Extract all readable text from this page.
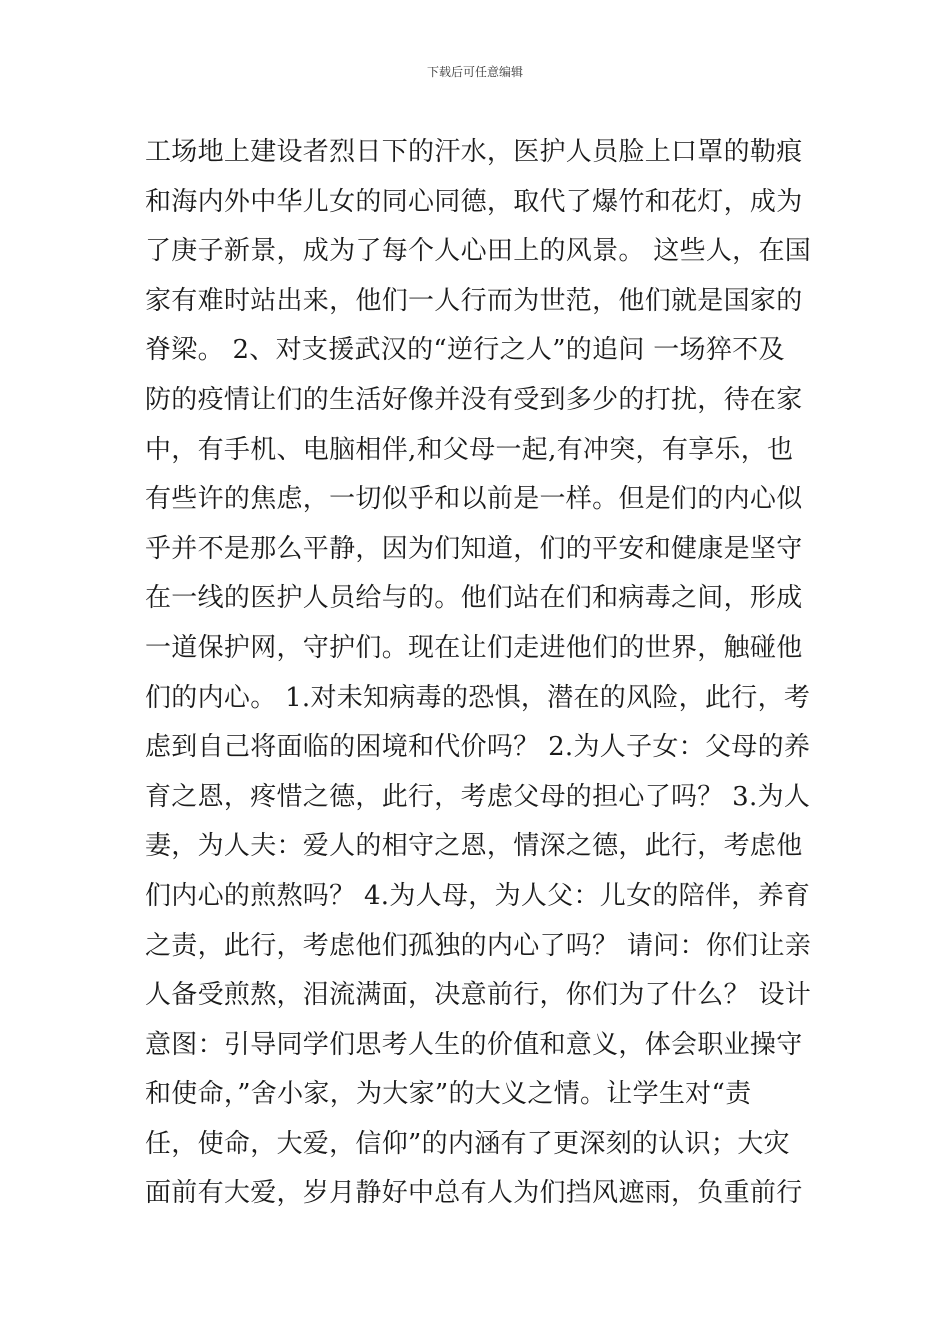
下载后可任意编辑
工场地上建设者烈日下的汗水，医护人员脸上口罩的勒痕
和海内外中华儿女的同心同德，取代了爆竹和花灯，成为
了庚子新景，成为了每个人心田上的风景。 这些人，在国
家有难时站出来，他们一人行而为世范，他们就是国家的
脊梁。 2、对支援武汉的“逆行之人”的追问 一场猝不及
防的疫情让们的生活好像并没有受到多少的打扰，待在家
中，有手机、电脑相伴,和父母一起,有冲突，有享乐，也
有些许的焦虑，一切似乎和以前是一样。但是们的内心似
乎并不是那么平静，因为们知道，们的平安和健康是坚守
在一线的医护人员给与的。他们站在们和病毒之间，形成
一道保护网，守护们。现在让们走进他们的世界，触碰他
们的内心。 1.对未知病毒的恐惧，潜在的风险，此行，考
虑到自己将面临的困境和代价吗？ 2.为人子女：父母的养
育之恩，疼惜之德，此行，考虑父母的担心了吗？ 3.为人
妻，为人夫：爱人的相守之恩，情深之德，此行，考虑他
们内心的煎熬吗？ 4.为人母，为人父：儿女的陪伴，养育
之责，此行，考虑他们孤独的内心了吗？ 请问：你们让亲
人备受煎熬，泪流满面，决意前行，你们为了什么？ 设计
意图：引导同学们思考人生的价值和意义，体会职业操守
和使命，”舍小家，为大家”的大义之情。让学生对“责
任，使命，大爱，信仰”的内涵有了更深刻的认识；大灾
面前有大爱，岁月静好中总有人为们挡风遮雨，负重前行
